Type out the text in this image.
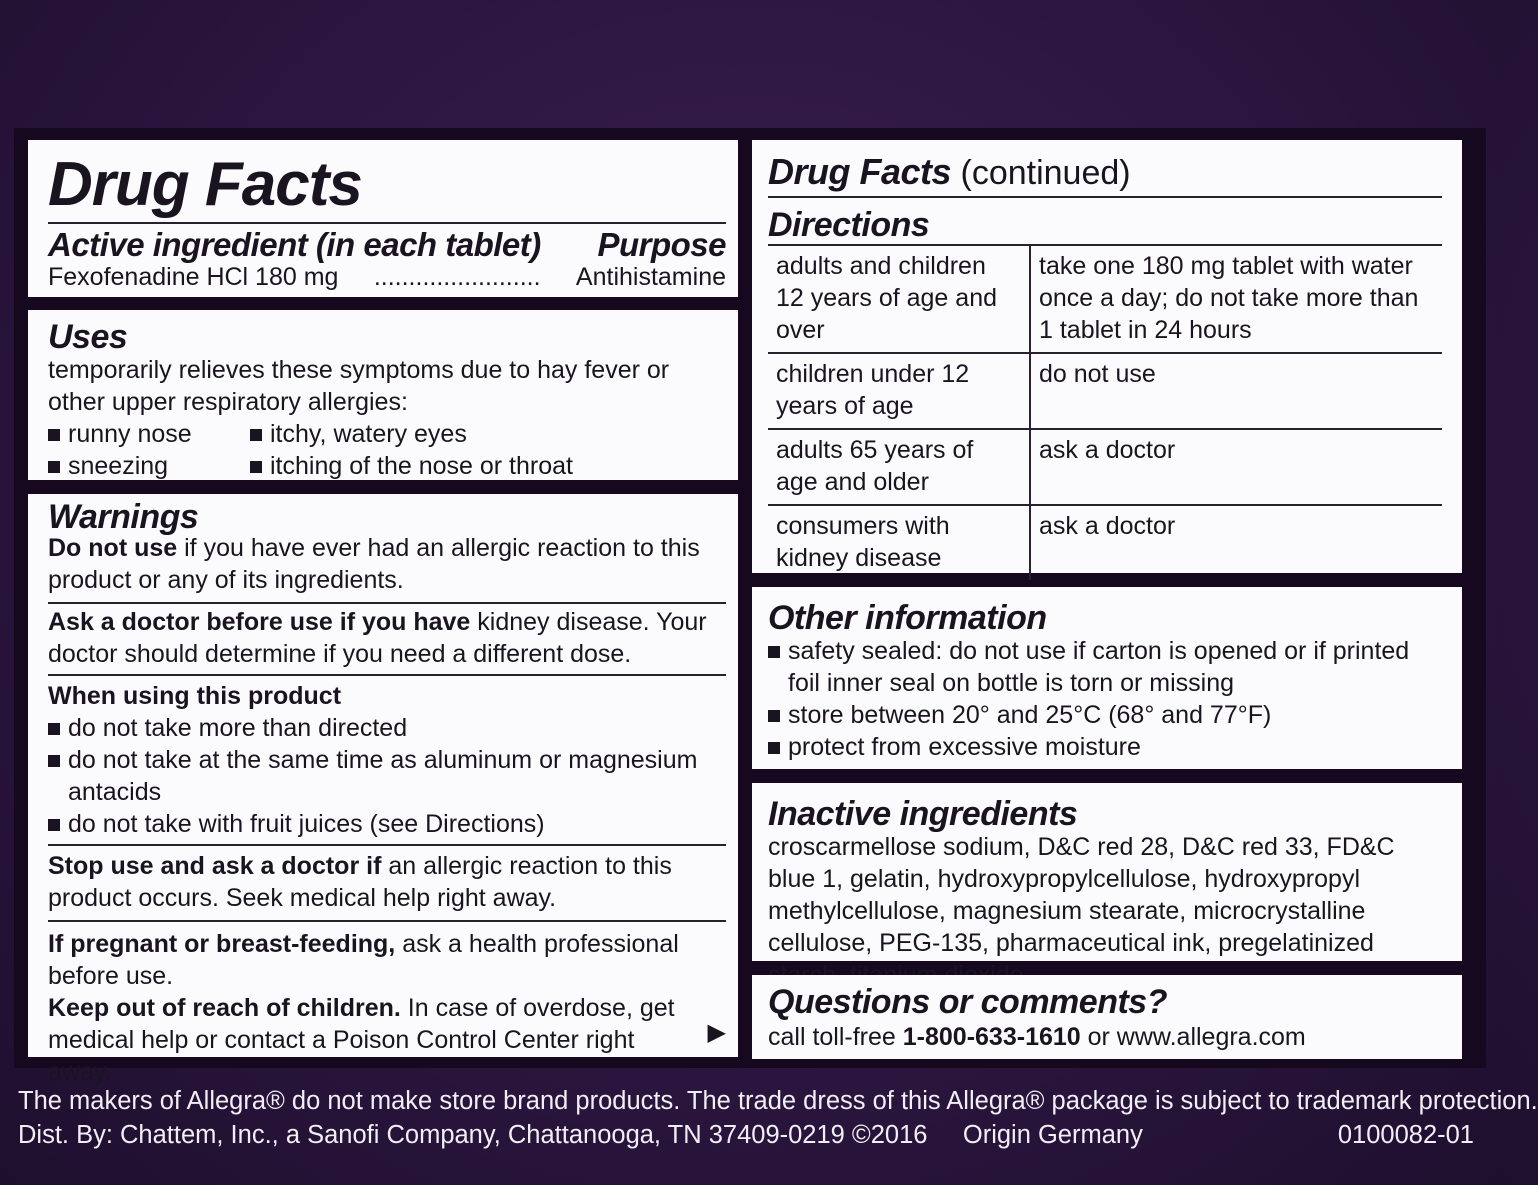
Drug Facts
Active ingredient (in each tablet) Purpose
Fexofenadine HCl 180 mg	........................	Antihistamine
Uses
temporarily relieves these symptoms due to hay fever or other upper respiratory allergies:
runny nose	itchy, watery eyes
sneezing	itching of the nose or throat
Warnings
Do not use if you have ever had an allergic reaction to this product or any of its ingredients.
Ask a doctor before use if you have kidney disease. Your doctor should determine if you need a different dose.
When using this product
do not take more than directed
do not take at the same time as aluminum or magnesium antacids
do not take with fruit juices (see Directions)
Stop use and ask a doctor if an allergic reaction to this product occurs. Seek medical help right away.
If pregnant or breast-feeding, ask a health professional before use.
Keep out of reach of children. In case of overdose, get medical help or contact a Poison Control Center right away.
▶
Drug Facts (continued)
Directions
adults and children 12 years of age and over	take one 180 mg tablet with water once a day; do not take more than 1 tablet in 24 hours
children under 12 years of age	do not use
adults 65 years of age and older	ask a doctor
consumers with kidney disease	ask a doctor
Other information
safety sealed: do not use if carton is opened or if printed foil inner seal on bottle is torn or missing
store between 20° and 25°C (68° and 77°F)
protect from excessive moisture
Inactive ingredients
croscarmellose sodium, D&C red 28, D&C red 33, FD&C blue 1, gelatin, hydroxypropylcellulose, hydroxypropyl methylcellulose, magnesium stearate, microcrystalline cellulose, PEG-135, pharmaceutical ink, pregelatinized
Questions or comments?
call toll-free 1-800-633-1610 or www.allegra.com
The makers of Allegra® do not make store brand products. The trade dress of this Allegra® package is subject to trademark protection.
Dist. By: Chattem, Inc., a Sanofi Company, Chattanooga, TN 37409-0219 ©2016     Origin Germany	0100082-01
